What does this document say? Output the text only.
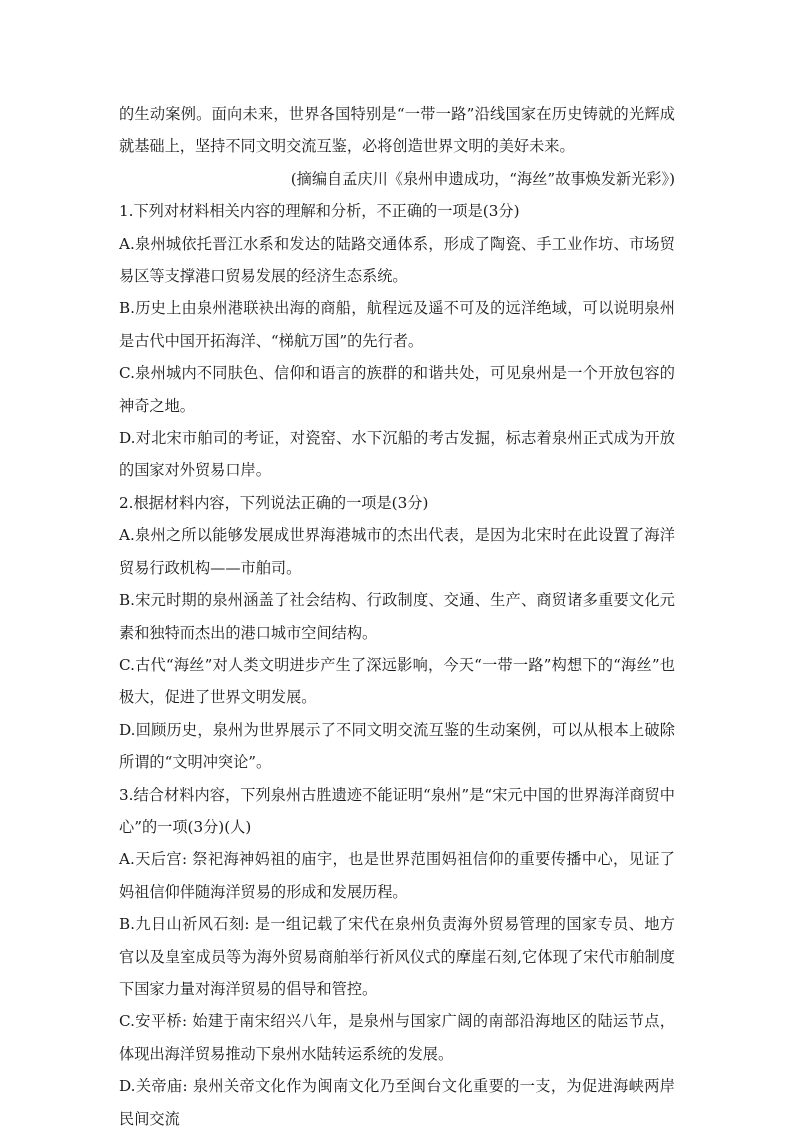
的生动案例。面向未来，世界各国特别是“一带一路”沿线国家在历史铸就的光辉成就基础上，坚持不同文明交流互鉴，必将创造世界文明的美好未来。

(摘编自孟庆川《泉州申遗成功，“海丝”故事焕发新光彩》)

1.下列对材料相关内容的理解和分析，不正确的一项是(3分)

A.泉州城依托晋江水系和发达的陆路交通体系，形成了陶瓷、手工业作坊、市场贸易区等支撑港口贸易发展的经济生态系统。

B.历史上由泉州港联袂出海的商船，航程远及遥不可及的远洋绝域，可以说明泉州是古代中国开拓海洋、“梯航万国”的先行者。

C.泉州城内不同肤色、信仰和语言的族群的和谐共处，可见泉州是一个开放包容的神奇之地。

D.对北宋市舶司的考证，对瓷窑、水下沉船的考古发掘，标志着泉州正式成为开放的国家对外贸易口岸。

2.根据材料内容，下列说法正确的一项是(3分)

A.泉州之所以能够发展成世界海港城市的杰出代表，是因为北宋时在此设置了海洋贸易行政机构——市舶司。

B.宋元时期的泉州涵盖了社会结构、行政制度、交通、生产、商贸诸多重要文化元素和独特而杰出的港口城市空间结构。

C.古代“海丝”对人类文明进步产生了深远影响，今天“一带一路”构想下的“海丝”也极大，促进了世界文明发展。

D.回顾历史，泉州为世界展示了不同文明交流互鉴的生动案例，可以从根本上破除所谓的“文明冲突论”。

3.结合材料内容，下列泉州古胜遗迹不能证明“泉州”是“宋元中国的世界海洋商贸中心”的一项(3分)(人)

A.天后宫: 祭祀海神妈祖的庙宇，也是世界范围妈祖信仰的重要传播中心，见证了妈祖信仰伴随海洋贸易的形成和发展历程。

B.九日山祈风石刻: 是一组记载了宋代在泉州负责海外贸易管理的国家专员、地方官以及皇室成员等为海外贸易商舶举行祈风仪式的摩崖石刻,它体现了宋代市舶制度下国家力量对海洋贸易的倡导和管控。

C.安平桥: 始建于南宋绍兴八年，是泉州与国家广阔的南部沿海地区的陆运节点，体现出海洋贸易推动下泉州水陆转运系统的发展。

D.关帝庙: 泉州关帝文化作为闽南文化乃至闽台文化重要的一支，为促进海峡两岸民间交流
